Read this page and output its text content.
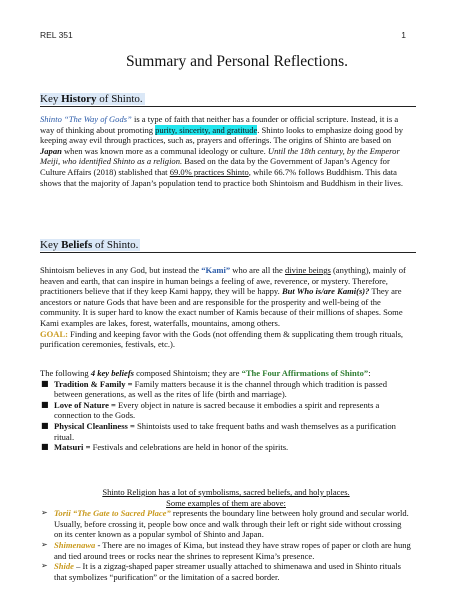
REL 351	1
Summary and Personal Reflections.
Key History of Shinto.

Shinto “The Way of Gods” is a type of faith that neither has a founder or official scripture. Instead, it is a way of thinking about promoting purity, sincerity, and gratitude. Shinto looks to emphasize doing good by keeping away evil through practices, such as, prayers and offerings. The origins of Shinto are based on Japan when was known more as a communal ideology or culture. Until the 18th century, by the Emperor Meiji, who identified Shinto as a religion. Based on the data by the Government of Japan’s Agency for Culture Affairs (2018) stablished that 69.0% practices Shinto, while 66.7% follows Buddhism. This data shows that the majority of Japan’s population tend to practice both Shintoism and Buddhism in their lives.

Key Beliefs of Shinto.

Shintoism believes in any God, but instead the “Kami” who are all the divine beings (anything), mainly of heaven and earth, that can inspire in human beings a feeling of awe, reverence, or mystery. Therefore, practitioners believe that if they keep Kami happy, they will be happy. But Who is/are Kami(s)? They are ancestors or nature Gods that have been and are responsible for the prosperity and well-being of the community. It is super hard to know the exact number of Kamis because of their millions of shapes. Some Kami examples are lakes, forest, waterfalls, mountains, among others.

GOAL: Finding and keeping favor with the Gods (not offending them & supplicating them trough rituals, purification ceremonies, festivals, etc.).

The following 4 key beliefs composed Shintoism; they are “The Four Affirmations of Shinto”:

■ Tradition & Family = Family matters because it is the channel through which tradition is passed between generations, as well as the rites of life (birth and marriage).
■ Love of Nature = Every object in nature is sacred because it embodies a spirit and represents a connection to the Gods.
■ Physical Cleanliness = Shintoists used to take frequent baths and wash themselves as a purification ritual.
■ Matsuri = Festivals and celebrations are held in honor of the spirits.

Shinto Religion has a lot of symbolisms, sacred beliefs, and holy places.

Some examples of them are above:

➢ Torii “The Gate to Sacred Place” represents the boundary line between holy ground and secular world. Usually, before crossing it, people bow once and walk through their left or right side without crossing on its center known as a popular symbol of Shinto and Japan.
➢ Shimenawa - There are no images of Kima, but instead they have straw ropes of paper or cloth are hung and tied around trees or rocks near the shrines to represent Kima’s presence.
➢ Shide – It is a zigzag-shaped paper streamer usually attached to shimenawa and used in Shinto rituals that symbolizes “purification” or the limitation of a sacred border.
